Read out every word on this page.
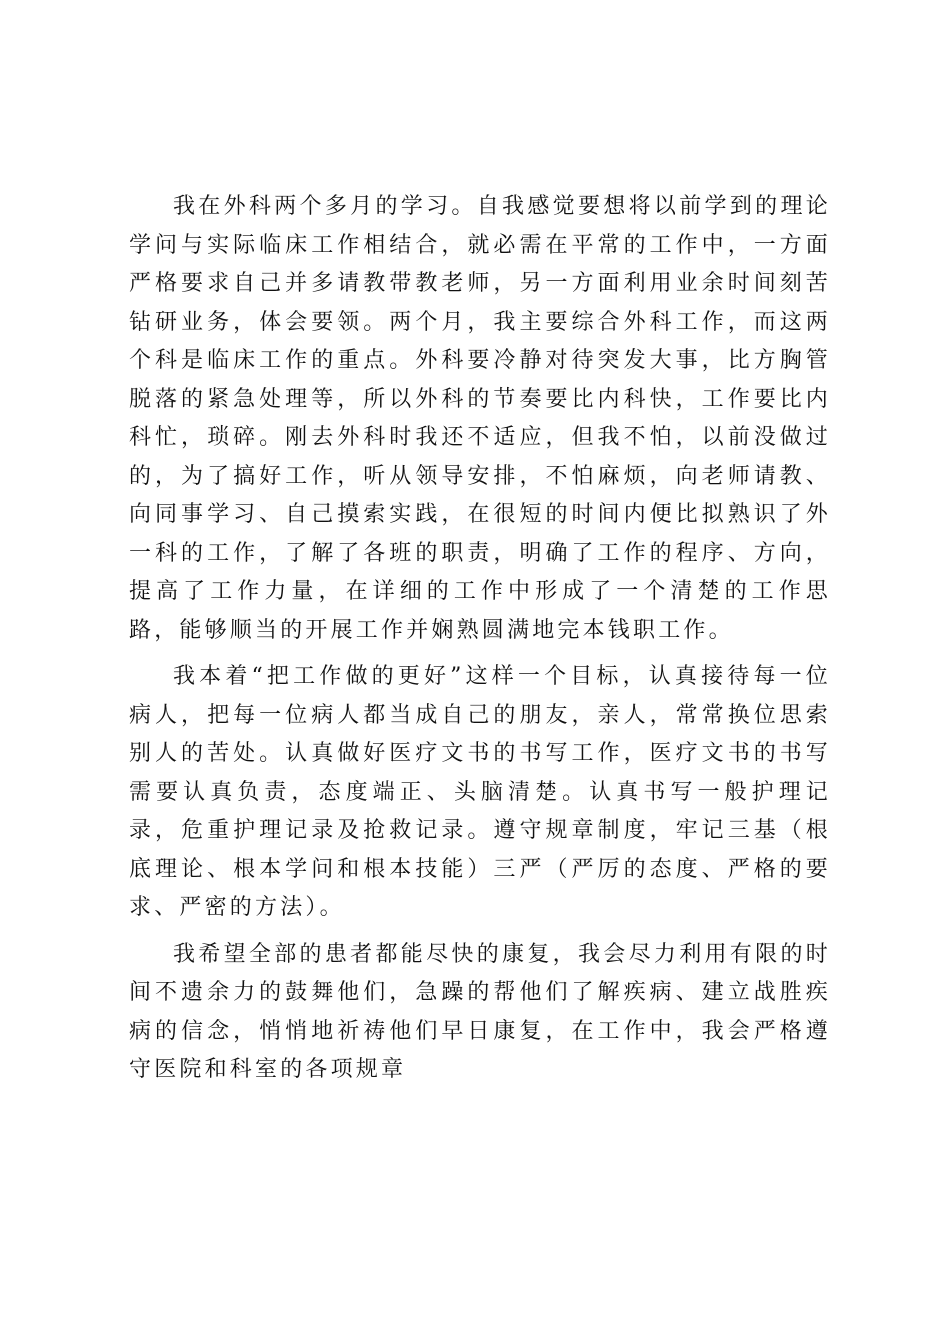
我在外科两个多月的学习。自我感觉要想将以前学到的理论学问与实际临床工作相结合，就必需在平常的工作中，一方面严格要求自己并多请教带教老师，另一方面利用业余时间刻苦钻研业务，体会要领。两个月，我主要综合外科工作，而这两个科是临床工作的重点。外科要冷静对待突发大事，比方胸管脱落的紧急处理等，所以外科的节奏要比内科快，工作要比内科忙，琐碎。刚去外科时我还不适应，但我不怕，以前没做过的，为了搞好工作，听从领导安排，不怕麻烦，向老师请教、向同事学习、自己摸索实践，在很短的时间内便比拟熟识了外一科的工作，了解了各班的职责，明确了工作的程序、方向，提高了工作力量，在详细的工作中形成了一个清楚的工作思路，能够顺当的开展工作并娴熟圆满地完本钱职工作。

我本着“把工作做的更好”这样一个目标，认真接待每一位病人，把每一位病人都当成自己的朋友，亲人，常常换位思索别人的苦处。认真做好医疗文书的书写工作，医疗文书的书写需要认真负责，态度端正、头脑清楚。认真书写一般护理记录，危重护理记录及抢救记录。遵守规章制度，牢记三基（根底理论、根本学问和根本技能）三严（严厉的态度、严格的要求、严密的方法）。

我希望全部的患者都能尽快的康复，我会尽力利用有限的时间不遗余力的鼓舞他们，急躁的帮他们了解疾病、建立战胜疾病的信念，悄悄地祈祷他们早日康复，在工作中，我会严格遵守医院和科室的各项规章
